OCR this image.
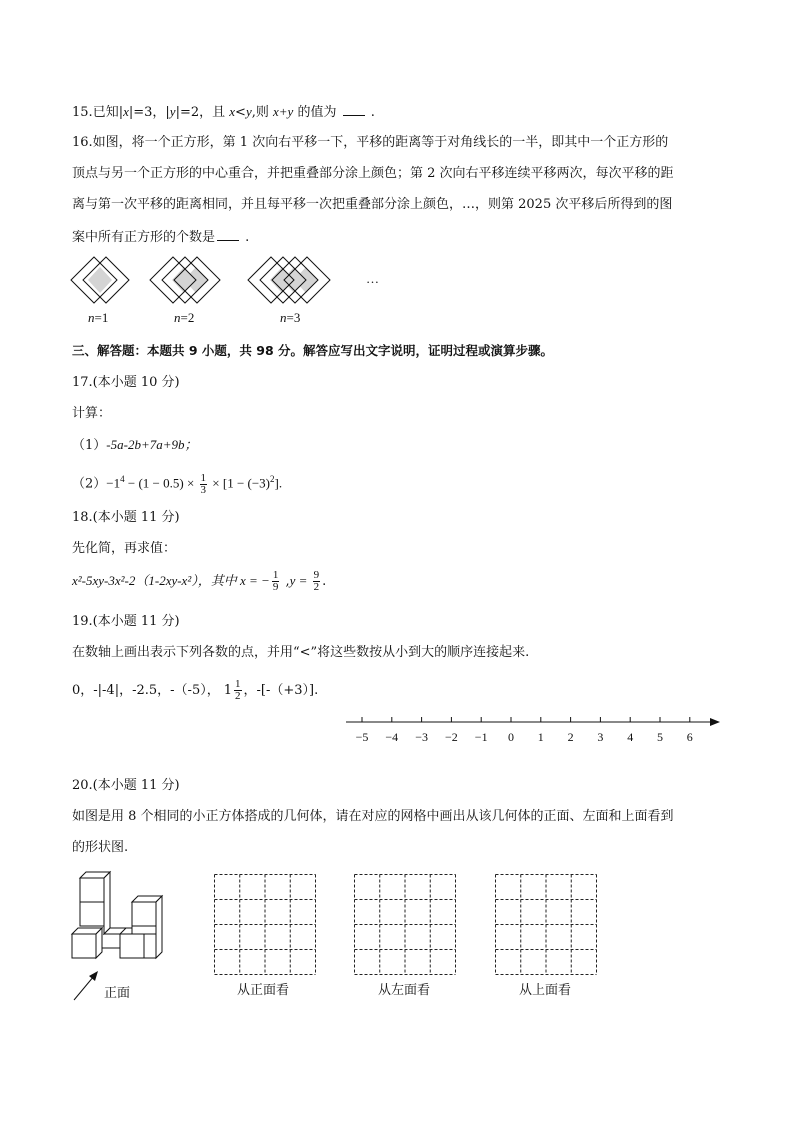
15.已知|x|=3，|y|=2，且 x<y,则 x+y 的值为	.
16.如图，将一个正方形，第 1 次向右平移一下，平移的距离等于对角线长的一半，即其中一个正方形的
顶点与另一个正方形的中心重合，并把重叠部分涂上颜色；第 2 次向右平移连续平移两次，每次平移的距
离与第一次平移的距离相同，并且每平移一次把重叠部分涂上颜色，…，则第 2025 次平移后所得到的图
案中所有正方形的个数是 .
…
n=1	n=2	n=3
三、解答题：本题共 9 小题，共 98 分。解答应写出文字说明，证明过程或演算步骤。
17.(本小题 10 分)
计算：
（1）-5a-2b+7a+9b；
$(2)-1^4 - (1 - 0.5) \times \frac{1}{3} \times [1 - (-3)^2]$.
18.(本小题 11 分)
先化简，再求值：
x²-5xy-3x²-2（1-2xy-x²），其中 x = − $\frac{1}{9} ,y = \frac{9}{2}$ .
19.(本小题 11 分)
在数轴上画出表示下列各数的点，并用“<”将这些数按从小到大的顺序连接起来.
0，-|-4|，-2.5，-（-5）， $1 \frac{1}{2}$ ，-[-（+3）].
−5 −4 −3 −2 −1 0 1 2 3 4 5 6
20.(本小题 11 分)
如图是用 8 个相同的小正方体搭成的几何体，请在对应的网格中画出从该几何体的正面、左面和上面看到
的形状图.
正面	从正面看	从左面看	从上面看
